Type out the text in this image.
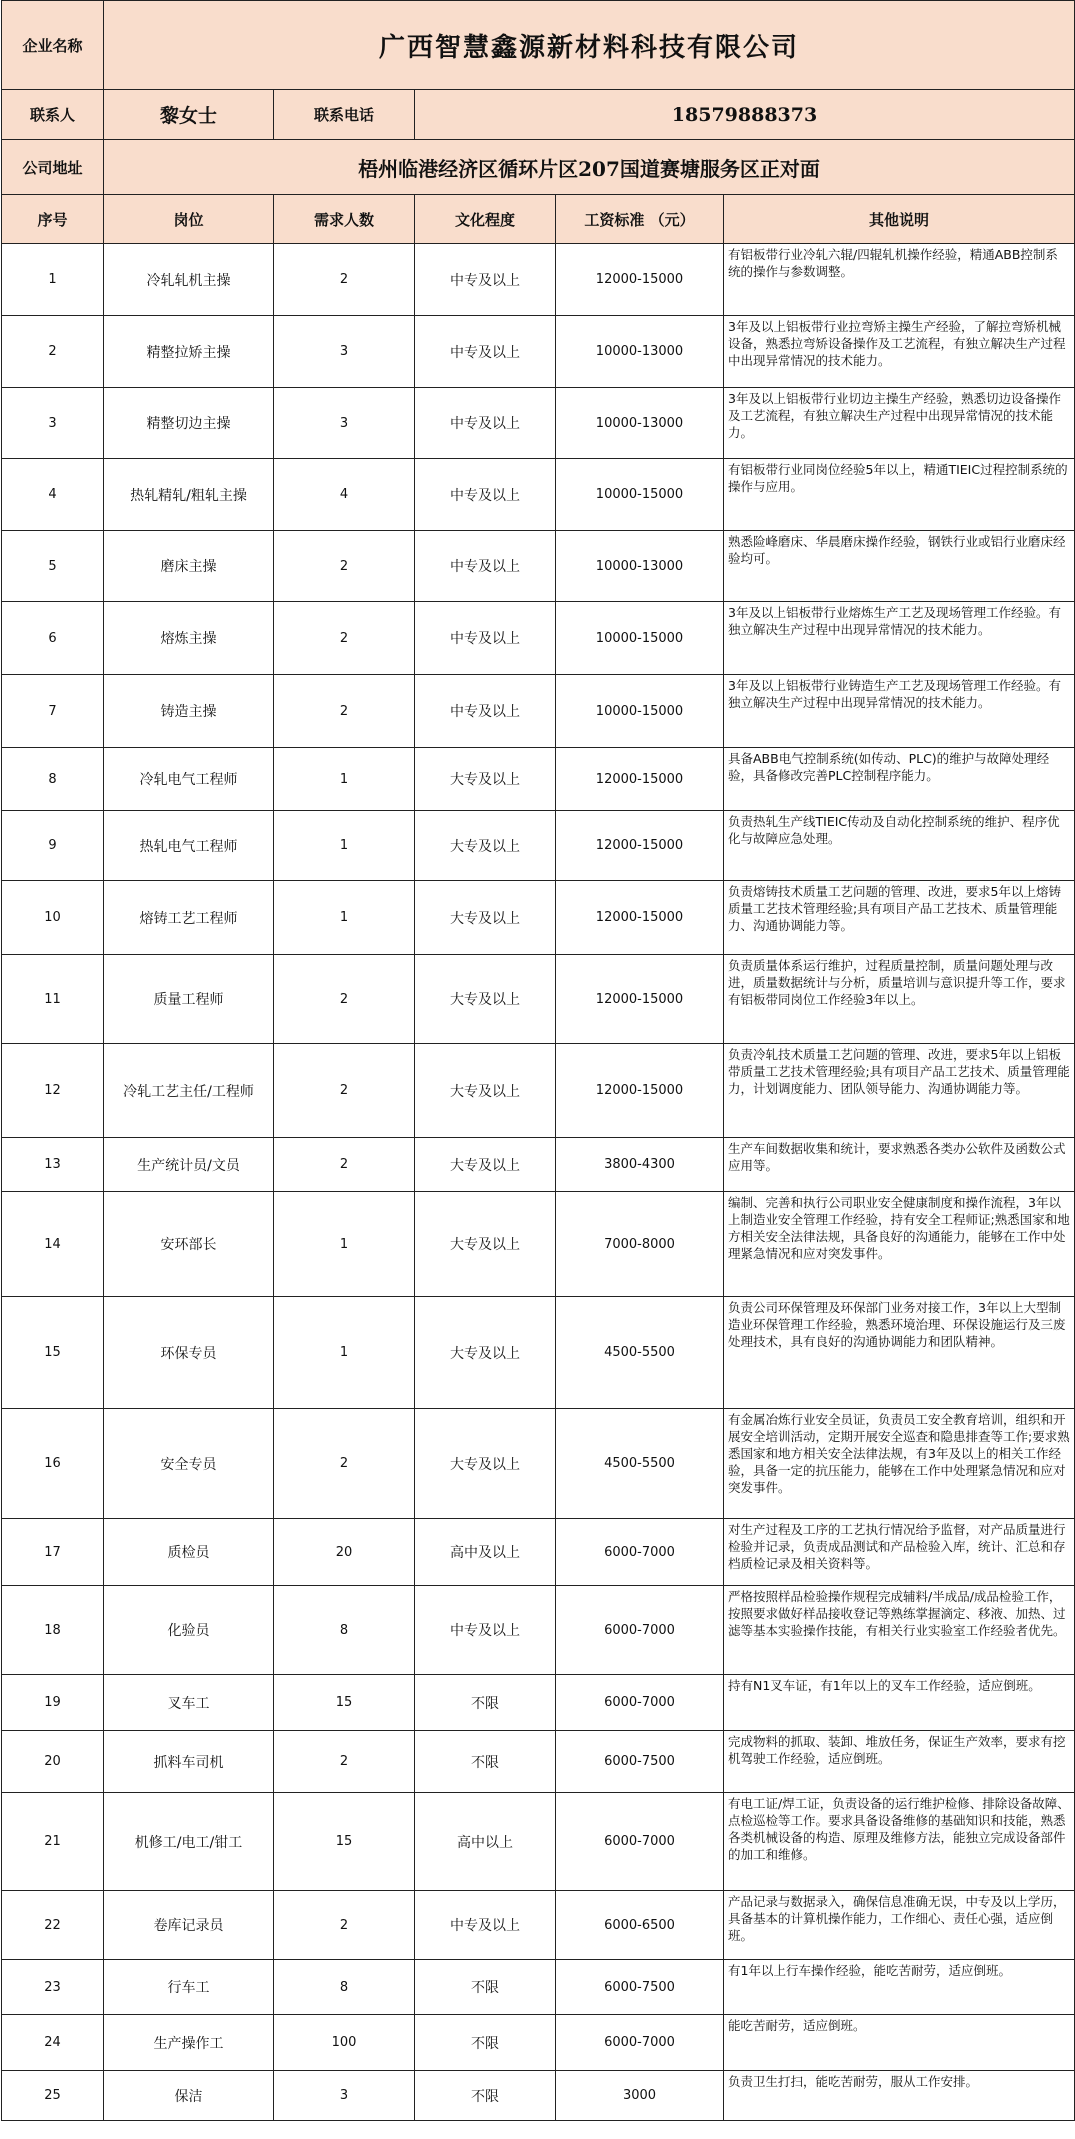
企业名称	广西智慧鑫源新材料科技有限公司				
联系人	黎女士	联系电话	18579888373		
公司地址	梧州临港经济区循环片区207国道赛塘服务区正对面				
序号	岗位	需求人数	文化程度	工资标准 （元）	其他说明
1	冷轧轧机主操	2	中专及以上	12000-15000	有铝板带行业冷轧六辊/四辊轧机操作经验，精通ABB控制系统的操作与参数调整。

2	精整拉矫主操	3	中专及以上	10000-13000	3年及以上铝板带行业拉弯矫主操生产经验，了解拉弯矫机械设备，熟悉拉弯矫设备操作及工艺流程，有独立解决生产过程中出现异常情况的技术能力。

3	精整切边主操	3	中专及以上	10000-13000	3年及以上铝板带行业切边主操生产经验，熟悉切边设备操作及工艺流程，有独立解决生产过程中出现异常情况的技术能力。

4	热轧精轧/粗轧主操	4	中专及以上	10000-15000	有铝板带行业同岗位经验5年以上，精通TIEIC过程控制系统的操作与应用。

5	磨床主操	2	中专及以上	10000-13000	熟悉险峰磨床、华晨磨床操作经验，钢铁行业或铝行业磨床经验均可。

6	熔炼主操	2	中专及以上	10000-15000	3年及以上铝板带行业熔炼生产工艺及现场管理工作经验。有独立解决生产过程中出现异常情况的技术能力。

7	铸造主操	2	中专及以上	10000-15000	3年及以上铝板带行业铸造生产工艺及现场管理工作经验。有独立解决生产过程中出现异常情况的技术能力。

8	冷轧电气工程师	1	大专及以上	12000-15000	具备ABB电气控制系统(如传动、PLC)的维护与故障处理经验，具备修改完善PLC控制程序能力。

9	热轧电气工程师	1	大专及以上	12000-15000	负责热轧生产线TIEIC传动及自动化控制系统的维护、程序优化与故障应急处理。

10	熔铸工艺工程师	1	大专及以上	12000-15000	负责熔铸技术质量工艺问题的管理、改进，要求5年以上熔铸质量工艺技术管理经验;具有项目产品工艺技术、质量管理能力、沟通协调能力等。

11	质量工程师	2	大专及以上	12000-15000	负责质量体系运行维护，过程质量控制，质量问题处理与改进，质量数据统计与分析，质量培训与意识提升等工作，要求有铝板带同岗位工作经验3年以上。

12	冷轧工艺主任/工程师	2	大专及以上	12000-15000	负责冷轧技术质量工艺问题的管理、改进，要求5年以上铝板带质量工艺技术管理经验;具有项目产品工艺技术、质量管理能力，计划调度能力、团队领导能力、沟通协调能力等。

13	生产统计员/文员	2	大专及以上	3800-4300	生产车间数据收集和统计，要求熟悉各类办公软件及函数公式应用等。

14	安环部长	1	大专及以上	7000-8000	编制、完善和执行公司职业安全健康制度和操作流程，3年以上制造业安全管理工作经验，持有安全工程师证;熟悉国家和地方相关安全法律法规，具备良好的沟通能力，能够在工作中处理紧急情况和应对突发事件。

15	环保专员	1	大专及以上	4500-5500	负责公司环保管理及环保部门业务对接工作，3年以上大型制造业环保管理工作经验，熟悉环境治理、环保设施运行及三废处理技术，具有良好的沟通协调能力和团队精神。

16	安全专员	2	大专及以上	4500-5500	有金属冶炼行业安全员证，负责员工安全教育培训，组织和开展安全培训活动，定期开展安全巡查和隐患排查等工作;要求熟悉国家和地方相关安全法律法规，有3年及以上的相关工作经验，具备一定的抗压能力，能够在工作中处理紧急情况和应对突发事件。

17	质检员	20	高中及以上	6000-7000	对生产过程及工序的工艺执行情况给予监督，对产品质量进行检验并记录，负责成品测试和产品检验入库，统计、汇总和存档质检记录及相关资料等。

18	化验员	8	中专及以上	6000-7000	严格按照样品检验操作规程完成辅料/半成品/成品检验工作，按照要求做好样品接收登记等熟练掌握滴定、移液、加热、过滤等基本实验操作技能，有相关行业实验室工作经验者优先。

19	叉车工	15	不限	6000-7000	持有N1叉车证，有1年以上的叉车工作经验，适应倒班。

20	抓料车司机	2	不限	6000-7500	完成物料的抓取、装卸、堆放任务，保证生产效率，要求有挖机驾驶工作经验，适应倒班。

21	机修工/电工/钳工	15	高中以上	6000-7000	有电工证/焊工证，负责设备的运行维护检修、排除设备故障、点检巡检等工作。要求具备设备维修的基础知识和技能，熟悉各类机械设备的构造、原理及维修方法，能独立完成设备部件的加工和维修。

22	卷库记录员	2	中专及以上	6000-6500	产品记录与数据录入，确保信息准确无误，中专及以上学历，具备基本的计算机操作能力，工作细心、责任心强，适应倒班。

23	行车工	8	不限	6000-7500	有1年以上行车操作经验，能吃苦耐劳，适应倒班。

24	生产操作工	100	不限	6000-7000	能吃苦耐劳，适应倒班。

25	保洁	3	不限	3000	负责卫生打扫，能吃苦耐劳，服从工作安排。
